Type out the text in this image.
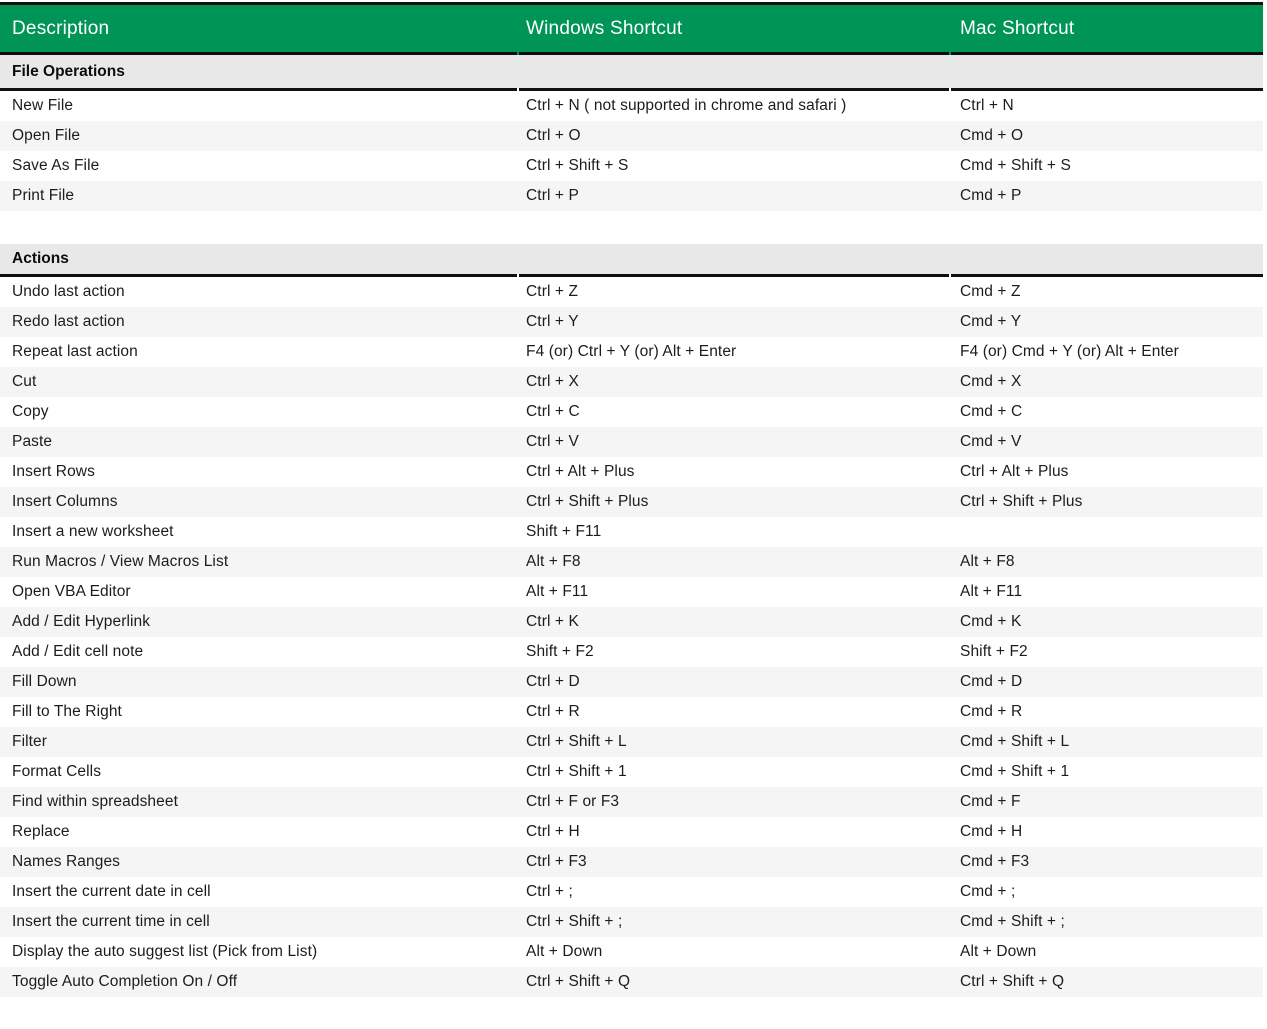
Description	Windows Shortcut	Mac Shortcut
File Operations
New File	Ctrl + N ( not supported in chrome and safari )	Ctrl + N
Open File	Ctrl + O	Cmd + O
Save As File	Ctrl + Shift + S	Cmd + Shift + S
Print File	Ctrl + P	Cmd + P
Actions
Undo last action	Ctrl + Z	Cmd + Z
Redo last action	Ctrl + Y	Cmd + Y
Repeat last action	F4 (or) Ctrl + Y (or) Alt + Enter	F4 (or) Cmd + Y (or) Alt + Enter
Cut	Ctrl + X	Cmd + X
Copy	Ctrl + C	Cmd + C
Paste	Ctrl + V	Cmd + V
Insert Rows	Ctrl + Alt + Plus	Ctrl + Alt + Plus
Insert Columns	Ctrl + Shift + Plus	Ctrl + Shift + Plus
Insert a new worksheet	Shift + F11
Run Macros / View Macros List	Alt + F8	Alt + F8
Open VBA Editor	Alt + F11	Alt + F11
Add / Edit Hyperlink	Ctrl + K	Cmd + K
Add / Edit cell note	Shift + F2	Shift + F2
Fill Down	Ctrl + D	Cmd + D
Fill to The Right	Ctrl + R	Cmd + R
Filter	Ctrl + Shift + L	Cmd + Shift + L
Format Cells	Ctrl + Shift + 1	Cmd + Shift + 1
Find within spreadsheet	Ctrl + F or F3	Cmd + F
Replace	Ctrl + H	Cmd + H
Names Ranges	Ctrl + F3	Cmd + F3
Insert the current date in cell	Ctrl + ;	Cmd + ;
Insert the current time in cell	Ctrl + Shift + ;	Cmd + Shift + ;
Display the auto suggest list (Pick from List)	Alt + Down	Alt + Down
Toggle Auto Completion On / Off	Ctrl + Shift + Q	Ctrl + Shift + Q
